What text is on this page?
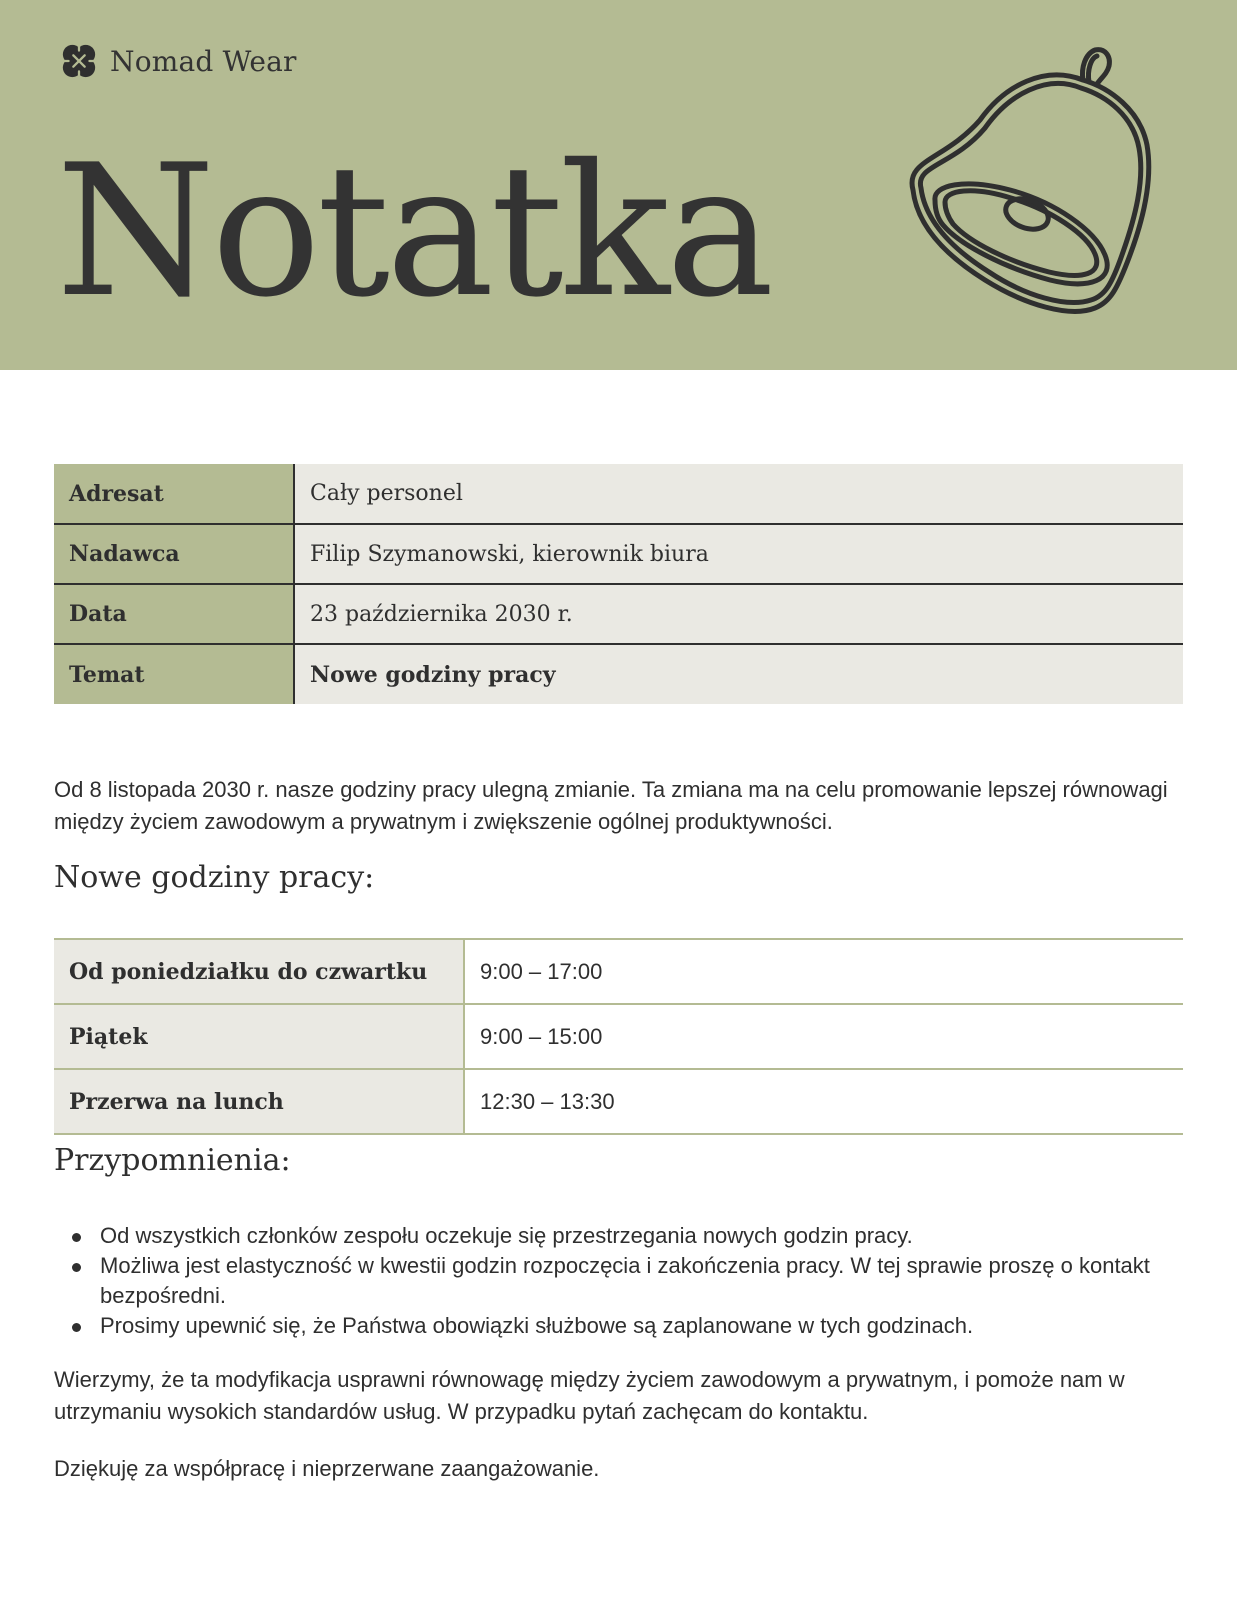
Nomad Wear
Notatka
Adresat	Cały personel
Nadawca	Filip Szymanowski, kierownik biura
Data	23 października 2030 r.
Temat	Nowe godziny pracy

Od 8 listopada 2030 r. nasze godziny pracy ulegną zmianie. Ta zmiana ma na celu promowanie lepszej równowagi między życiem zawodowym a prywatnym i zwiększenie ogólnej produktywności.

Nowe godziny pracy:
Od poniedziałku do czwartku	9:00 – 17:00
Piątek	9:00 – 15:00
Przerwa na lunch	12:30 – 13:30
Przypomnienia:
Od wszystkich członków zespołu oczekuje się przestrzegania nowych godzin pracy.
Możliwa jest elastyczność w kwestii godzin rozpoczęcia i zakończenia pracy. W tej sprawie proszę o kontakt bezpośredni.
Prosimy upewnić się, że Państwa obowiązki służbowe są zaplanowane w tych godzinach.

Wierzymy, że ta modyfikacja usprawni równowagę między życiem zawodowym a prywatnym, i pomoże nam w utrzymaniu wysokich standardów usług. W przypadku pytań zachęcam do kontaktu.

Dziękuję za współpracę i nieprzerwane zaangażowanie.
